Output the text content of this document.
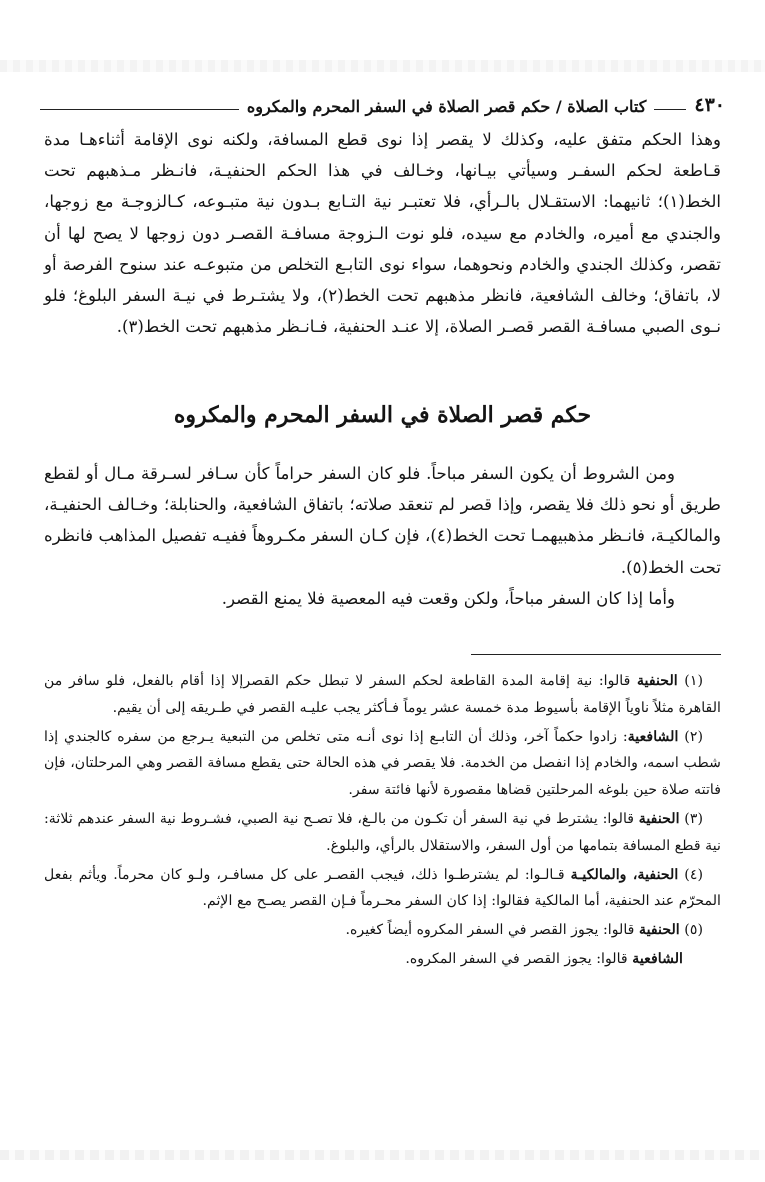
٤٣٠
كتاب الصلاة / حكم قصر الصلاة في السفر المحرم والمكروه

وهذا الحكم متفق عليه، وكذلك لا يقصر إذا نوى قطع المسافة، ولكنه نوى الإقامة أثناءهـا مدة قـاطعة لحكم السفـر وسيأتي بيـانها، وخـالف في هذا الحكم الحنفيـة، فانـظر مـذهبهم تحت الخط(١)؛ ثانيهما: الاستقـلال بالـرأي، فلا تعتبـر نية التـابع بـدون نية متبـوعه، كـالزوجـة مع زوجها، والجندي مع أميره، والخادم مع سيده، فلو نوت الـزوجة مسافـة القصـر دون زوجها لا يصح لها أن تقصر، وكذلك الجندي والخادم ونحوهما، سواء نوى التابـع التخلص من متبوعـه عند سنوح الفرصة أو لا، باتفاق؛ وخالف الشافعية، فانظر مذهبهم تحت الخط(٢)، ولا يشتـرط في نيـة السفر البلوغ؛ فلو نـوى الصبي مسافـة القصر قصـر الصلاة، إلا عنـد الحنفية، فـانـظر مذهبهم تحت الخط(٣).

حكم قصر الصلاة في السفر المحرم والمكروه

ومن الشروط أن يكون السفر مباحاً. فلو كان السفر حراماً كأن سـافر لسـرقة مـال أو لقطع طريق أو نحو ذلك فلا يقصر، وإذا قصر لم تنعقد صلاته؛ باتفاق الشافعية، والحنابلة؛ وخـالف الحنفيـة، والمالكيـة، فانـظر مذهبيهمـا تحت الخط(٤)، فإن كـان السفر مكـروهاً ففيـه تفصيل المذاهب فانظره تحت الخط(٥).

وأما إذا كان السفر مباحاً، ولكن وقعت فيه المعصية فلا يمنع القصر.

(١) الحنفية قالوا: نية إقامة المدة القاطعة لحكم السفر لا تبطل حكم القصرإلا إذا أقام بالفعل، فلو سافر من القاهرة مثلاً ناوياً الإقامة بأسيوط مدة خمسة عشر يوماً فـأكثر يجب عليـه القصر في طـريقه إلى أن يقيم.

(٢) الشافعية: زادوا حكماً آخر، وذلك أن التابـع إذا نوى أنـه متى تخلص من التبعية يـرجع من سفره كالجندي إذا شطب اسمه، والخادم إذا انفصل من الخدمة. فلا يقصر في هذه الحالة حتى يقطع مسافة القصر وهي المرحلتان، فإن فاتته صلاة حين بلوغه المرحلتين قضاها مقصورة لأنها فائتة سفر.

(٣) الحنفية قالوا: يشترط في نية السفر أن تكـون من بالـغ، فلا تصـح نية الصبي، فشـروط نية السفر عندهم ثلاثة: نية قطع المسافة بتمامها من أول السفر، والاستقلال بالرأي، والبلوغ.

(٤) الحنفية، والمالكيـة قـالـوا: لم يشترطـوا ذلك، فيجب القصـر على كل مسافـر، ولـو كان محرماً. ويأثم بفعل المحرّم عند الحنفية، أما المالكية فقالوا: إذا كان السفر محـرماً فـإن القصر يصـح مع الإثم.

(٥) الحنفية قالوا: يجوز القصر في السفر المكروه أيضاً كغيره.

الشافعية قالوا: يجوز القصر في السفر المكروه.
